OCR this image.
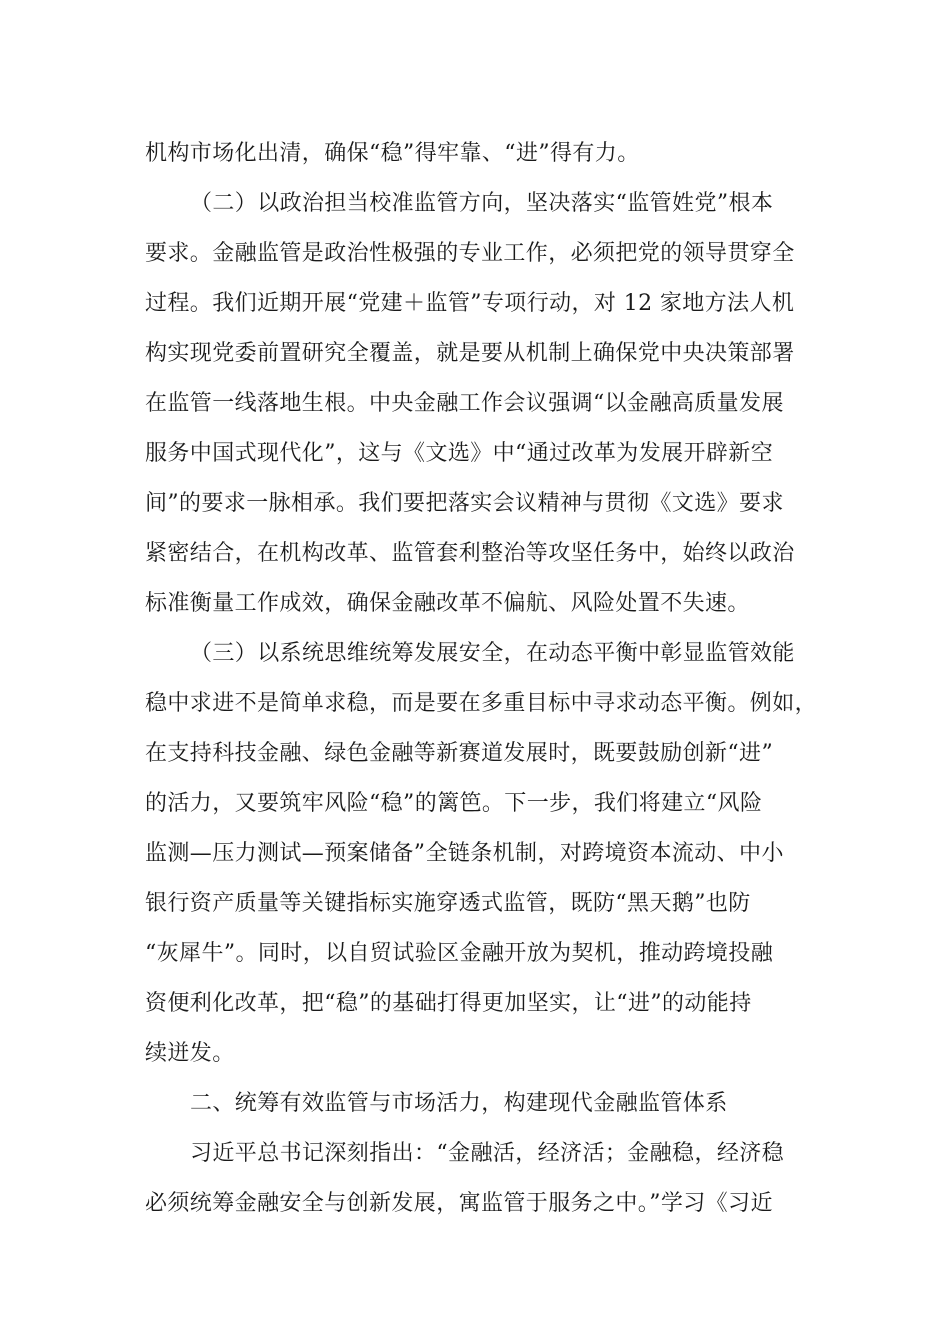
机构市场化出清，确保“稳”得牢靠、“进”得有力。
（二）以政治担当校准监管方向，坚决落实“监管姓党”根本
要求。金融监管是政治性极强的专业工作，必须把党的领导贯穿全
过程。我们近期开展“党建＋监管”专项行动，对 12 家地方法人机
构实现党委前置研究全覆盖，就是要从机制上确保党中央决策部署
在监管一线落地生根。中央金融工作会议强调“以金融高质量发展
服务中国式现代化”，这与《文选》中“通过改革为发展开辟新空
间”的要求一脉相承。我们要把落实会议精神与贯彻《文选》要求
紧密结合，在机构改革、监管套利整治等攻坚任务中，始终以政治
标准衡量工作成效，确保金融改革不偏航、风险处置不失速。
（三）以系统思维统筹发展安全，在动态平衡中彰显监管效能
稳中求进不是简单求稳，而是要在多重目标中寻求动态平衡。例如，
在支持科技金融、绿色金融等新赛道发展时，既要鼓励创新“进”
的活力，又要筑牢风险“稳”的篱笆。下一步，我们将建立“风险
监测—压力测试—预案储备”全链条机制，对跨境资本流动、中小
银行资产质量等关键指标实施穿透式监管，既防“黑天鹅”也防
“灰犀牛”。同时，以自贸试验区金融开放为契机，推动跨境投融
资便利化改革，把“稳”的基础打得更加坚实，让“进”的动能持
续迸发。
二、统筹有效监管与市场活力，构建现代金融监管体系
习近平总书记深刻指出：“金融活，经济活；金融稳，经济稳
必须统筹金融安全与创新发展，寓监管于服务之中。”学习《习近
